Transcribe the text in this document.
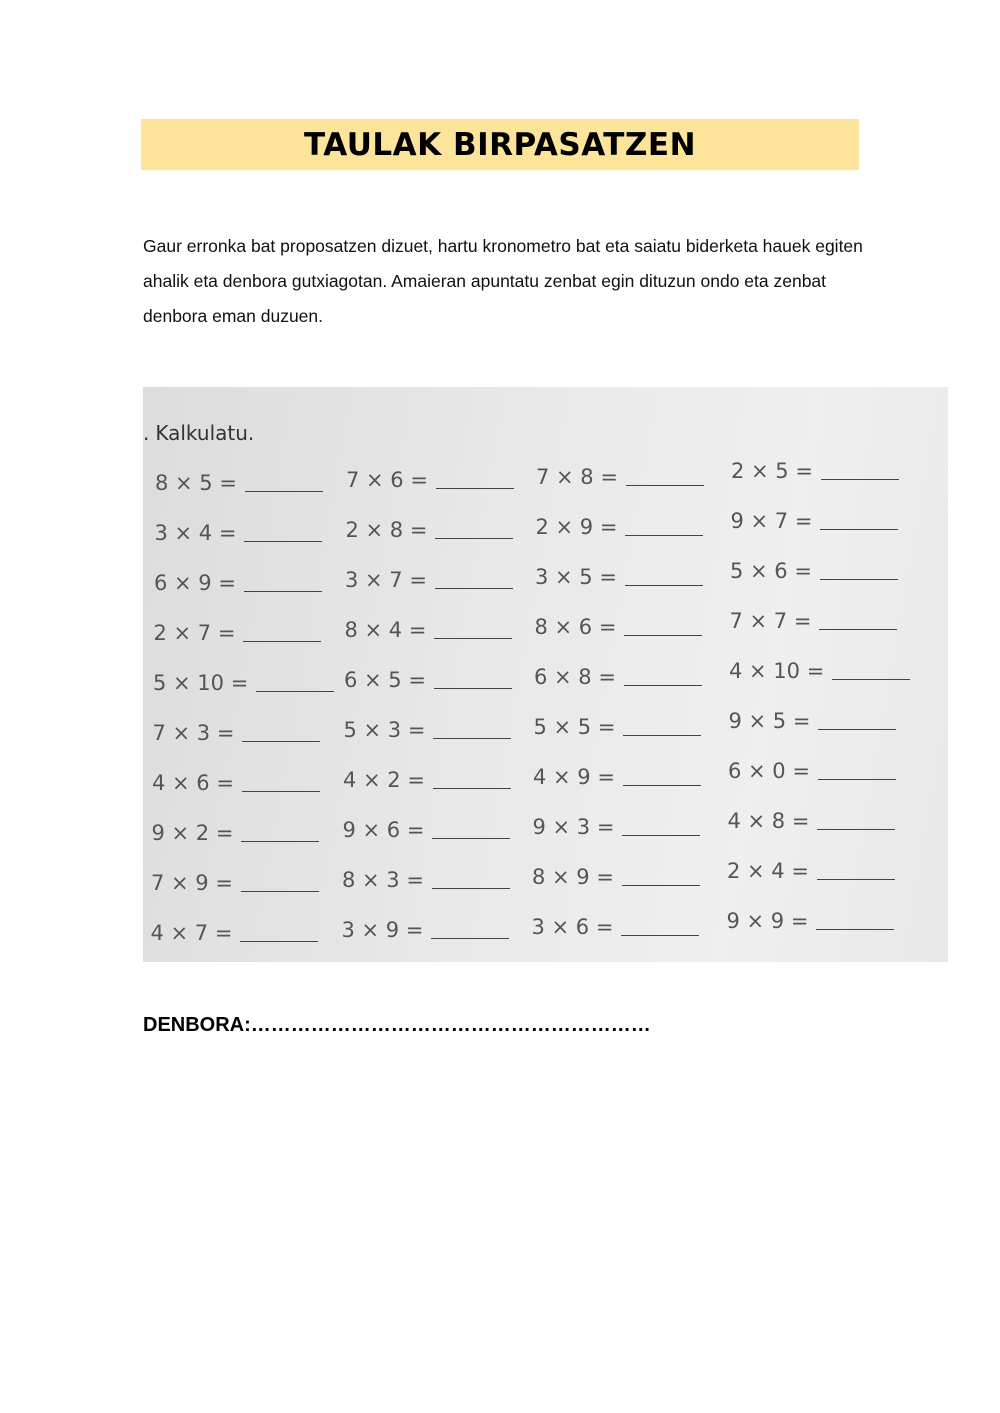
TAULAK BIRPASATZEN

Gaur erronka bat proposatzen dizuet, hartu kronometro bat eta saiatu biderketa hauek egiten ahalik eta denbora gutxiagotan. Amaieran apuntatu zenbat egin dituzun ondo eta zenbat denbora eman duzuen.

. Kalkulatu.
8 × 5 =
3 × 4 =
6 × 9 =
2 × 7 =
5 × 10 =
7 × 3 =
4 × 6 =
9 × 2 =
7 × 9 =
4 × 7 =
7 × 6 =
2 × 8 =
3 × 7 =
8 × 4 =
6 × 5 =
5 × 3 =
4 × 2 =
9 × 6 =
8 × 3 =
3 × 9 =
7 × 8 =
2 × 9 =
3 × 5 =
8 × 6 =
6 × 8 =
5 × 5 =
4 × 9 =
9 × 3 =
8 × 9 =
3 × 6 =
2 × 5 =
9 × 7 =
5 × 6 =
7 × 7 =
4 × 10 =
9 × 5 =
6 × 0 =
4 × 8 =
2 × 4 =
9 × 9 =
DENBORA:……………………………………………………
